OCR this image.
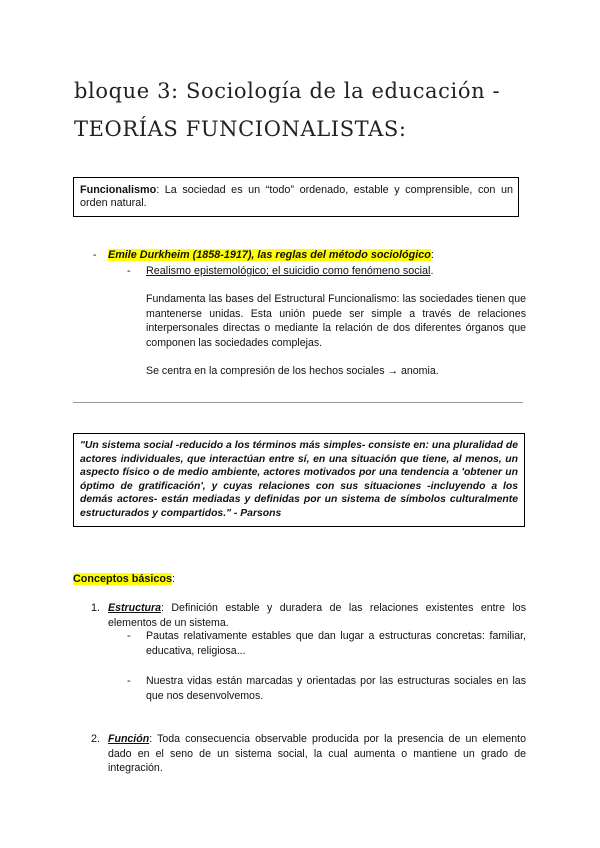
bloque 3: Sociología de la educación - TEORÍAS FUNCIONALISTAS:
Funcionalismo: La sociedad es un “todo” ordenado, estable y comprensible, con un orden natural.
- Emile Durkheim (1858-1917), las reglas del método sociológico:
- Realismo epistemológico; el suicidio como fenómeno social.
Fundamenta las bases del Estructural Funcionalismo: las sociedades tienen que mantenerse unidas. Esta unión puede ser simple a través de relaciones interpersonales directas o mediante la relación de dos diferentes órganos que componen las sociedades complejas.
Se centra en la compresión de los hechos sociales → anomia.
"Un sistema social -reducido a los términos más simples- consiste en: una pluralidad de actores individuales, que interactúan entre sí, en una situación que tiene, al menos, un aspecto físico o de medio ambiente, actores motivados por una tendencia a 'obtener un óptimo de gratificación', y cuyas relaciones con sus situaciones -incluyendo a los demás actores- están mediadas y definidas por un sistema de símbolos culturalmente estructurados y compartidos." - Parsons
Conceptos básicos:
1. Estructura: Definición estable y duradera de las relaciones existentes entre los elementos de un sistema.
- Pautas relativamente estables que dan lugar a estructuras concretas: familiar, educativa, religiosa...
- Nuestra vidas están marcadas y orientadas por las estructuras sociales en las que nos desenvolvemos.
2. Función: Toda consecuencia observable producida por la presencia de un elemento dado en el seno de un sistema social, la cual aumenta o mantiene un grado de integración.
